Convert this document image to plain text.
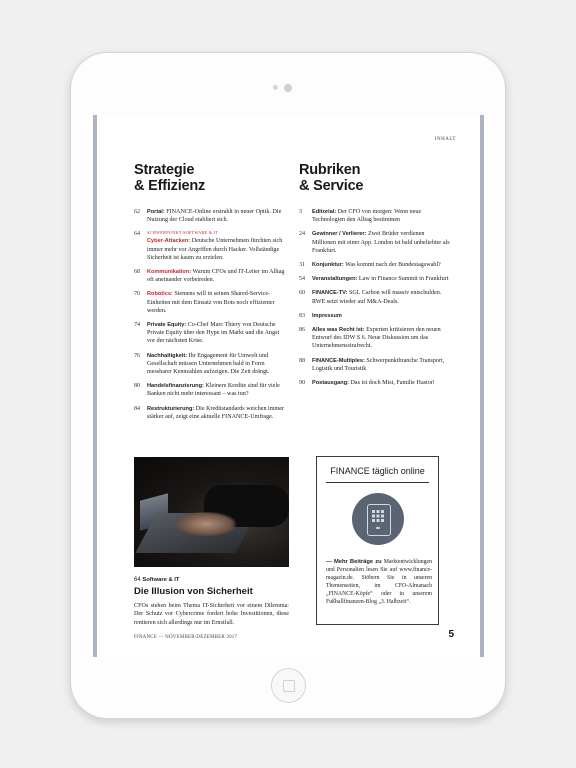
INHALT
Strategie
& Effizienz
Rubriken
& Service
62 Portal: FINANCE-Online erstrahlt in neuer Optik. Die Nutzung der Cloud etabliert sich.
64 SCHWERPUNKT SOFTWARE & IT
Cyber-Attacken: Deutsche Unternehmen fürchten sich immer mehr vor Angriffen durch Hacker. Vollständige Sicherheit ist kaum zu erzielen.
68 Kommunikation: Warum CFOs und IT-Leiter im Alltag oft aneinander vorbeireden.
70 Robotics: Siemens will in seinen Shared-Service-Einheiten mit dem Einsatz von Bots noch effizienter werden.
74 Private Equity: Co-Chef Marc Thiery von Deutsche Private Equity über den Hype im Markt und die Angst vor der nächsten Krise.
76 Nachhaltigkeit: Ihr Engagement für Umwelt und Gesellschaft müssen Unternehmen bald in Form messbarer Kennzahlen aufzeigen. Die Zeit drängt.
80 Handelsfinanzierung: Kleinere Kredite sind für viele Banken nicht mehr interessant – was tun?
84 Restrukturierung: Die Kreditstandards weichen immer stärker auf, zeigt eine aktuelle FINANCE-Umfrage.
3 Editorial: Der CFO von morgen: Wenn neue Technologien den Alltag bestimmen
24 Gewinner / Verlierer: Zwei Brüder verdienen Millionen mit einer App. London ist bald unbeliebter als Frankfurt.
31 Konjunktur: Was kommt nach der Bundestagswahl?
54 Veranstaltungen: Law in Finance Summit in Frankfurt
60 FINANCE-TV: SGL Carbon will massiv entschulden. RWE setzt wieder auf M&A-Deals.
83 Impressum
86 Alles was Recht ist: Experten kritisieren den neuen Entwurf des IDW S 6. Neue Diskussion um das Unternehmensstrafrecht.
88 FINANCE-Multiples: Schwerpunktbranche Transport, Logistik und Touristik
90 Postausgang: Das ist doch Mist, Familie Hastor!
64 Software & IT
Die Illusion von Sicherheit
CFOs stehen beim Thema IT-Sicherheit vor einem Dilemma: Der Schutz vor Cybercrime fordert hohe Investitionen, diese rentieren sich allerdings nur im Ernstfall.
FINANCE täglich online
— Mehr Beiträge zu Marktentwicklungen und Personalien lesen Sie auf www.finance-magazin.de. Stöbern Sie in unseren Themenseiten, im CFO-Almanach „FINANCE-Köpfe“ oder in unserem Fußballfinanzen-Blog „3. Halbzeit“.
FINANCE — NOVEMBER/DEZEMBER 2017	5
